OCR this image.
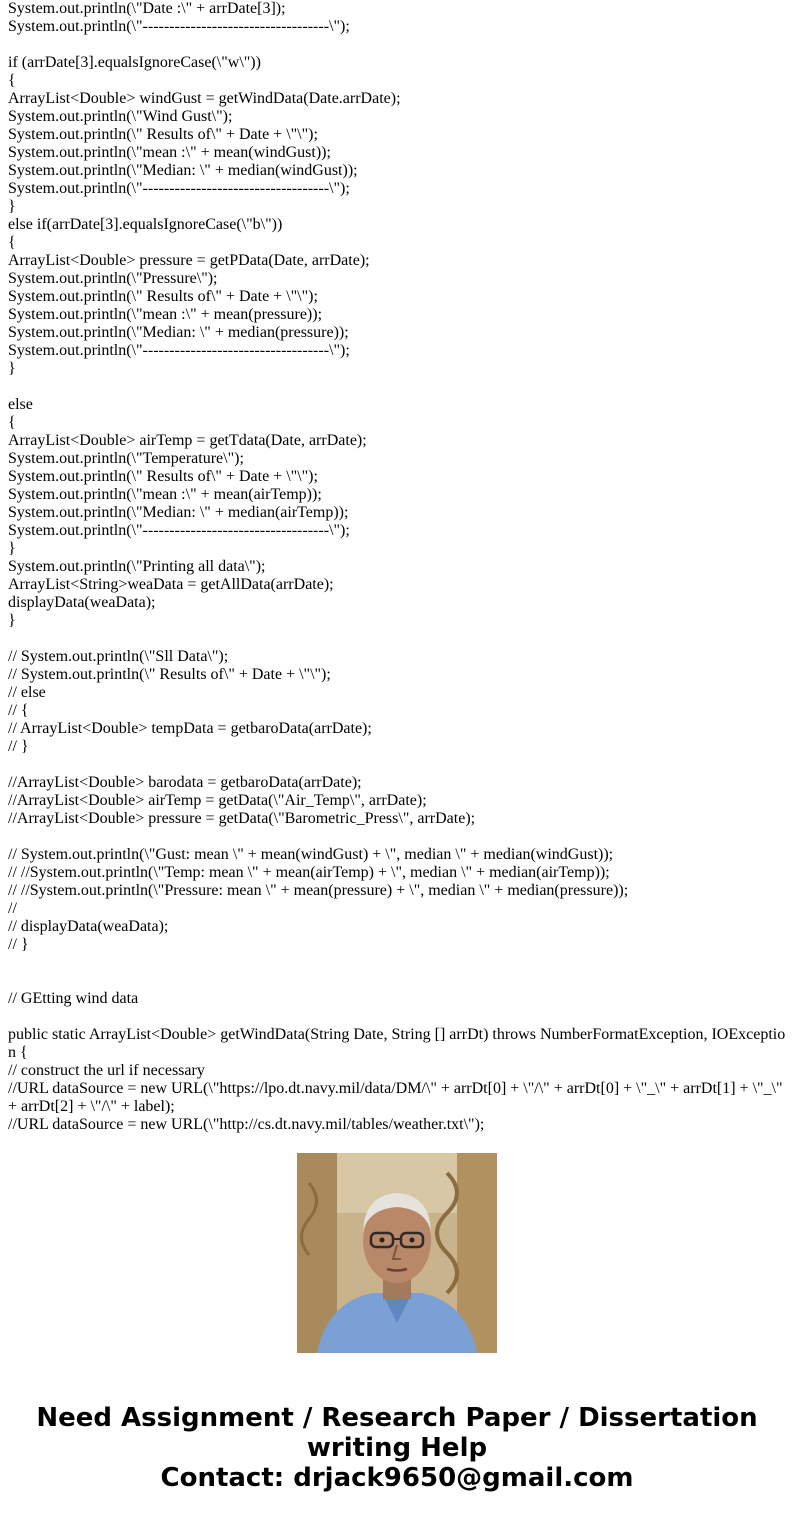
System.out.println(\"Date :\" + arrDate[3]);
System.out.println(\"-----------------------------------\");
if (arrDate[3].equalsIgnoreCase(\"w\"))
{
ArrayList<Double> windGust = getWindData(Date.arrDate);
System.out.println(\"Wind Gust\");
System.out.println(\" Results of\" + Date + \"\");
System.out.println(\"mean :\" + mean(windGust));
System.out.println(\"Median: \" + median(windGust));
System.out.println(\"-----------------------------------\");
}
else if(arrDate[3].equalsIgnoreCase(\"b\"))
{
ArrayList<Double> pressure = getPData(Date, arrDate);
System.out.println(\"Pressure\");
System.out.println(\" Results of\" + Date + \"\");
System.out.println(\"mean :\" + mean(pressure));
System.out.println(\"Median: \" + median(pressure));
System.out.println(\"-----------------------------------\");
}
else
{
ArrayList<Double> airTemp = getTdata(Date, arrDate);
System.out.println(\"Temperature\");
System.out.println(\" Results of\" + Date + \"\");
System.out.println(\"mean :\" + mean(airTemp));
System.out.println(\"Median: \" + median(airTemp));
System.out.println(\"-----------------------------------\");
}
System.out.println(\"Printing all data\");
ArrayList<String>weaData = getAllData(arrDate);
displayData(weaData);
}
// System.out.println(\"Sll Data\");
// System.out.println(\" Results of\" + Date + \"\");
// else
// {
// ArrayList<Double> tempData = getbaroData(arrDate);
// }
//ArrayList<Double> barodata = getbaroData(arrDate);
//ArrayList<Double> airTemp = getData(\"Air_Temp\", arrDate);
//ArrayList<Double> pressure = getData(\"Barometric_Press\", arrDate);
// System.out.println(\"Gust: mean \" + mean(windGust) + \", median \" + median(windGust));
// //System.out.println(\"Temp: mean \" + mean(airTemp) + \", median \" + median(airTemp));
// //System.out.println(\"Pressure: mean \" + mean(pressure) + \", median \" + median(pressure));
//
// displayData(weaData);
// }
// GEtting wind data
public static ArrayList<Double> getWindData(String Date, String [] arrDt) throws NumberFormatException, IOException {
// construct the url if necessary
//URL dataSource = new URL(\"https://lpo.dt.navy.mil/data/DM/\" + arrDt[0] + \"/\" + arrDt[0] + \"_\" + arrDt[1] + \"_\" + arrDt[2] + \"/\" + label);
//URL dataSource = new URL(\"http://cs.dt.navy.mil/tables/weather.txt\");
Need Assignment / Research Paper / Dissertation
writing Help
Contact: drjack9650@gmail.com
